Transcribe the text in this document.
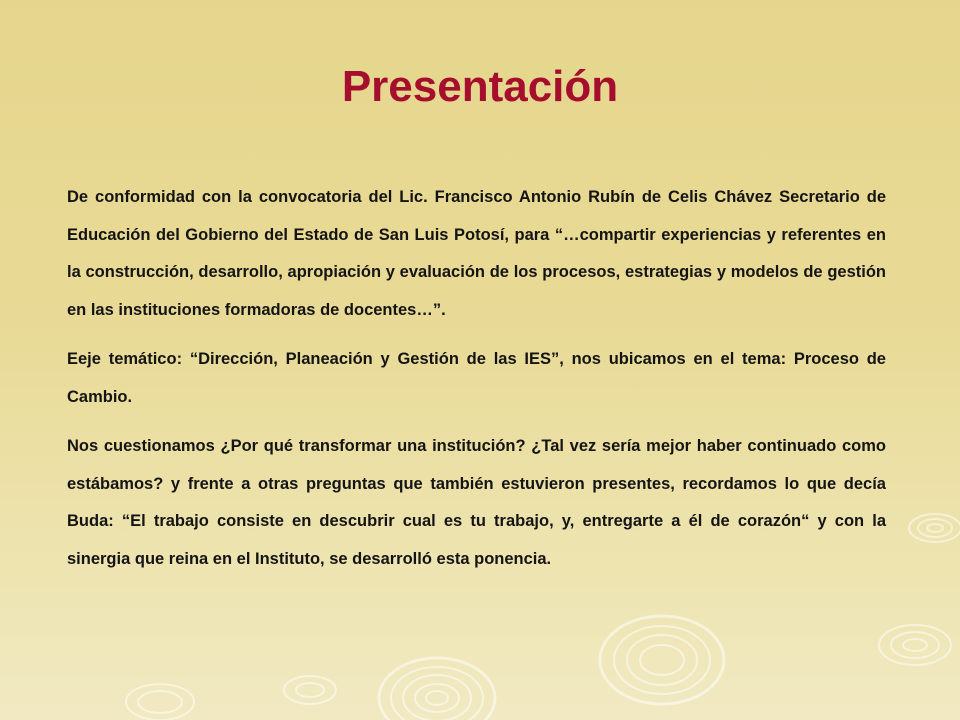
Presentación

De conformidad con la convocatoria del Lic. Francisco Antonio Rubín de Celis Chávez Secretario de Educación del Gobierno del Estado de San Luis Potosí, para “…compartir experiencias y referentes en la construcción, desarrollo, apropiación y evaluación de los procesos, estrategias y modelos de gestión en las instituciones formadoras de docentes…”.

Eeje temático: “Dirección, Planeación y Gestión de las IES”, nos ubicamos en el tema: Proceso de Cambio.

Nos cuestionamos ¿Por qué transformar una institución? ¿Tal vez sería mejor haber continuado como estábamos? y frente a otras preguntas que también estuvieron presentes, recordamos lo que decía Buda: “El trabajo consiste en descubrir cual es tu trabajo, y, entregarte a él de corazón“ y con la sinergia que reina en el Instituto, se desarrolló esta ponencia.
